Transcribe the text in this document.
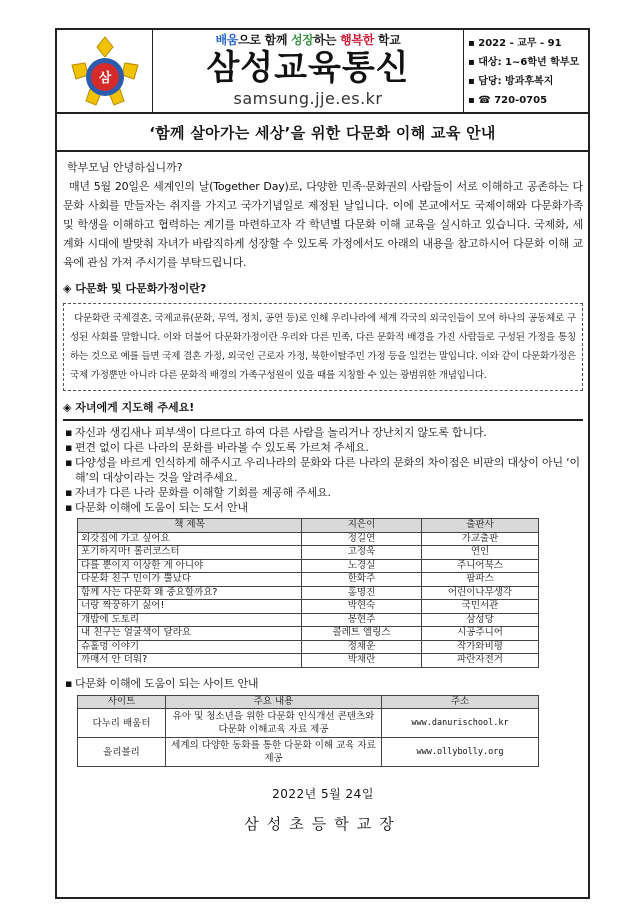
삼
배움으로 함께 성장하는 행복한 학교
삼성교육통신
samsung.jje.es.kr
▪ 2022 - 교무 - 91
▪ 대상: 1~6학년 학부모
▪ 담당: 방과후복지
▪ ☎ 720-0705
‘함께 살아가는 세상’을 위한 다문화 이해 교육 안내

학부모님 안녕하십니까?

매년 5월 20일은 세계인의 날(Together Day)로, 다양한 민족·문화권의 사람들이 서로 이해하고 공존하는 다문화 사회를 만들자는 취지를 가지고 국가기념일로 제정된 날입니다. 이에 본교에서도 국제이해와 다문화가족 및 학생을 이해하고 협력하는 계기를 마련하고자 각 학년별 다문화 이해 교육을 실시하고 있습니다. 국제화, 세계화 시대에 발맞춰 자녀가 바람직하게 성장할 수 있도록 가정에서도 아래의 내용을 참고하시어 다문화 이해 교육에 관심 가져 주시기를 부탁드립니다.

◈ 다문화 및 다문화가정이란?
다문화란 국제결혼, 국제교류(문화, 무역, 정치, 공연 등)로 인해 우리나라에 세계 각국의 외국인들이 모여 하나의 공동체로 구성된 사회를 말합니다. 이와 더불어 다문화가정이란 우리와 다른 민족, 다른 문화적 배경을 가진 사람들로 구성된 가정을 통칭하는 것으로 예를 들면 국제 결혼 가정, 외국인 근로자 가정, 북한이탈주민 가정 등을 일컫는 말입니다. 이와 같이 다문화가정은 국제 가정뿐만 아니라 다른 문화적 배경의 가족구성원이 있을 때를 지칭할 수 있는 광범위한 개념입니다.
◈ 자녀에게 지도해 주세요!
▪ 자신과 생김새나 피부색이 다르다고 하여 다른 사람을 놀리거나 장난치지 않도록 합니다.
▪ 편견 없이 다른 나라의 문화를 바라볼 수 있도록 가르쳐 주세요.
▪ 다양성을 바르게 인식하게 해주시고 우리나라의 문화와 다른 나라의 문화의 차이점은 비판의 대상이 아닌 ‘이해’의 대상이라는 것을 알려주세요.
▪ 자녀가 다른 나라 문화를 이해할 기회를 제공해 주세요.
▪ 다문화 이해에 도움이 되는 도서 안내
책 제목	지은이	출판사
외갓집에 가고 싶어요	정길연	가교출판
포기하지마! 롤러코스터	고정욱	연인
다를 뿐이지 이상한 게 아니야	노경실	주니어북스
다문화 친구 민이가 뿔났다	한화주	팜파스
함께 사는 다문화 왜 중요할까요?	홍명진	어린이나무생각
너랑 짝꿍하기 싫어!	박현숙	국민서관
개밥에 도토리	봉현주	삼성당
내 친구는 얼굴색이 달라요	콜레트 엘링스	시공주니어
슈홀멍 이야기	정채운	작가와비평
까매서 안 더워?	박채란	파란자전거
▪ 다문화 이해에 도움이 되는 사이트 안내
사이트	주요 내용	주소
다누리 배움터	유아 및 청소년을 위한 다문화 인식개선 콘텐츠와 다문화 이해교육 자료 제공	www.danurischool.kr
올리볼리	세계의 다양한 동화를 통한 다문화 이해 교육 자료 제공	www.ollybolly.org
2022년 5월 24일
삼성초등학교장
